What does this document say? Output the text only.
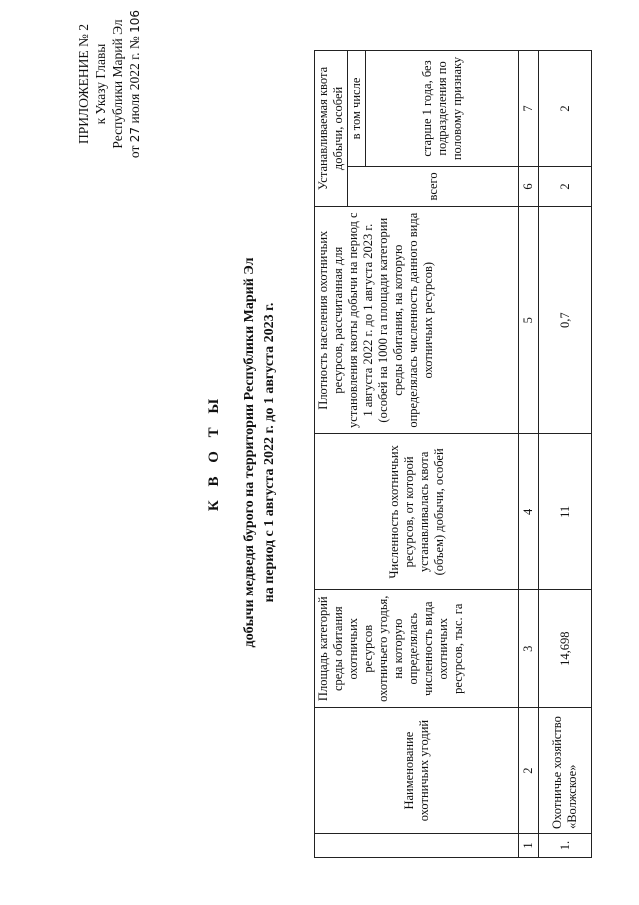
ПРИЛОЖЕНИЕ № 2 к Указу Главы Республики Марий Эл
от 27 июля 2022 г. № 106
К В О Т Ы добычи медведя бурого на территории Республики Марий Эл на период с 1 августа 2022 г. до 1 августа 2023 г.
	Наименование охотничьих угодий	Площадь категорий среды обитания охотничьих ресурсов охотничьего угодья, на которую определялась численность вида охотничьих ресурсов, тыс. га	Численность охотничьих ресурсов, от которой устанавливалась квота (объем) добычи, особей	Плотность населения охотничьих ресурсов, рассчитанная для установления квоты добычи на период с 1 августа 2022 г. до 1 августа 2023 г. (особей на 1000 га площади категории среды обитания, на которую определялась численность данного вида охотничьих ресурсов)	Устанавливаемая квота добычи, особей	
					всего	в том числе
						старше 1 года, без подразделения по половому признаку
1	2	3	4	5	6	7
1.	Охотничье хозяйство «Волжское»	14,698	11	0,7	2	2
